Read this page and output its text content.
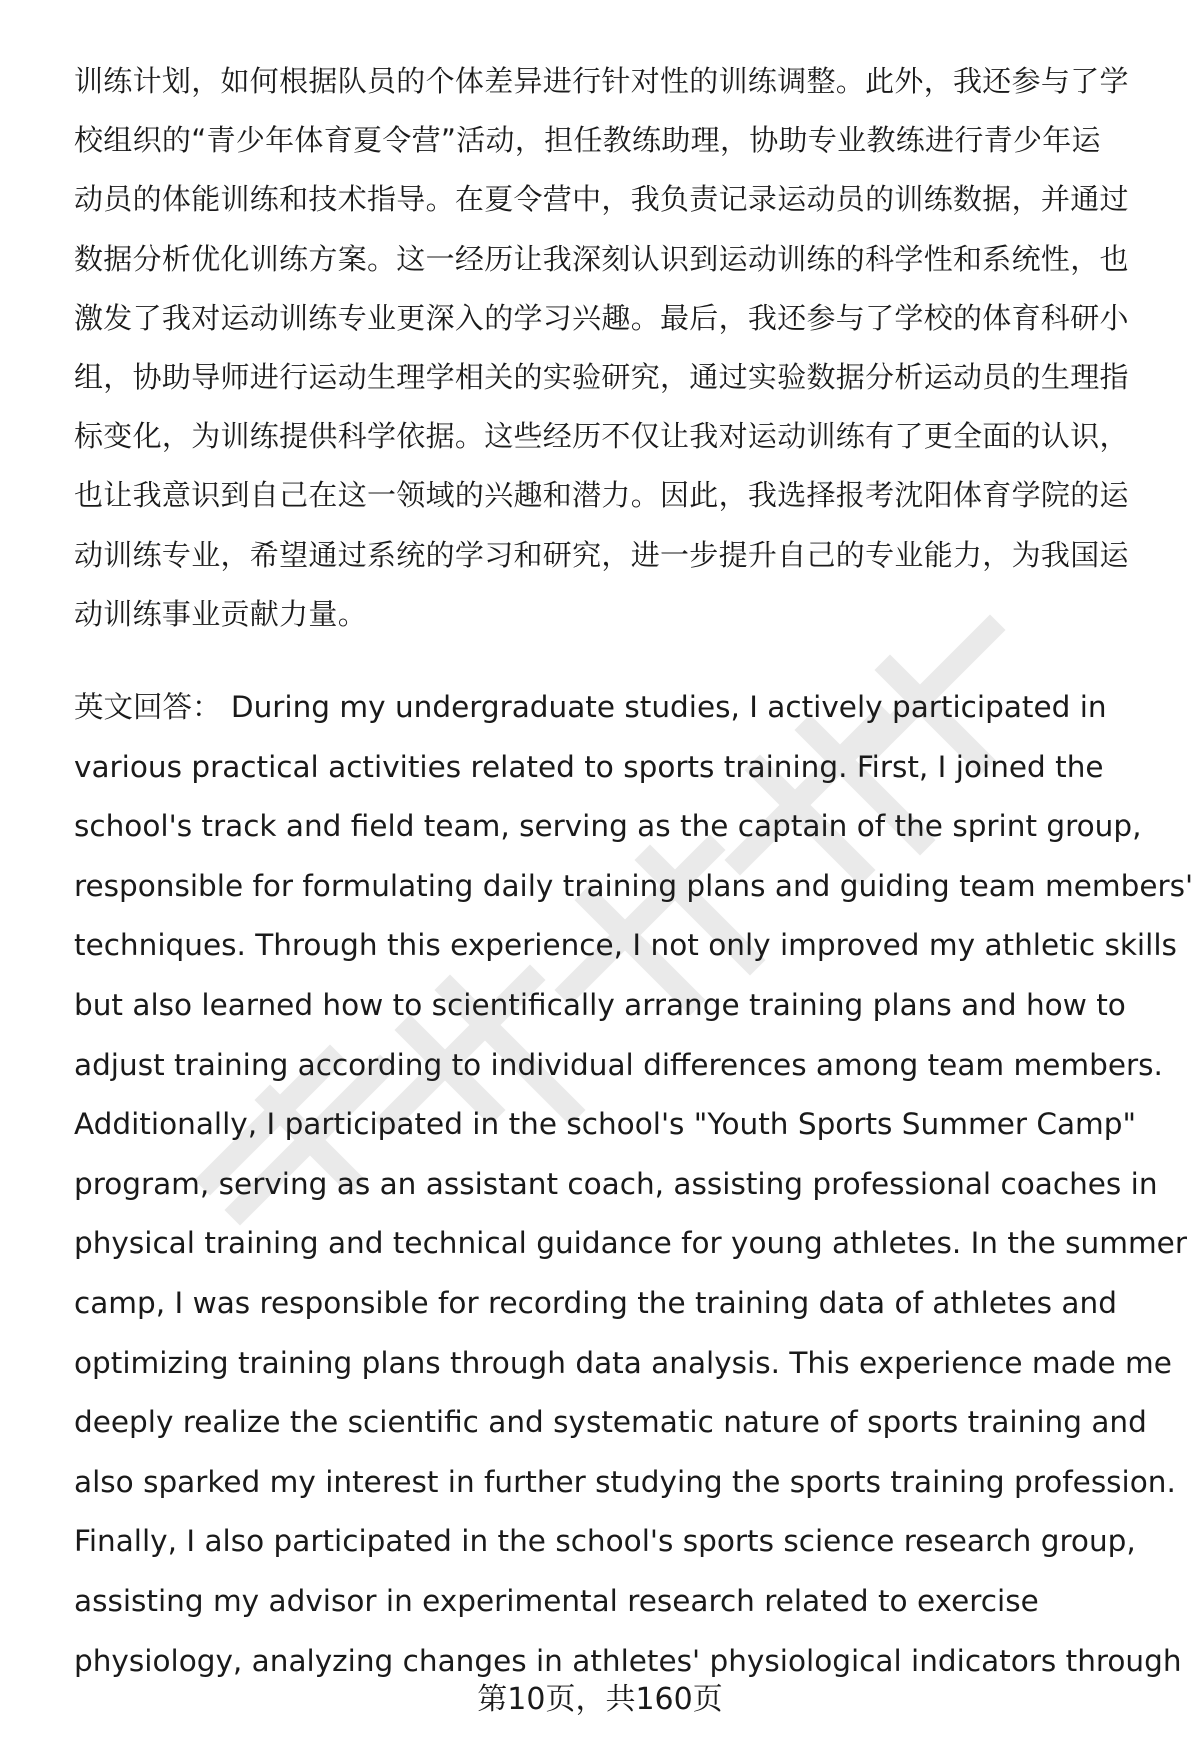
训练计划，如何根据队员的个体差异进行针对性的训练调整。此外，我还参与了学
校组织的“青少年体育夏令营”活动，担任教练助理，协助专业教练进行青少年运
动员的体能训练和技术指导。在夏令营中，我负责记录运动员的训练数据，并通过
数据分析优化训练方案。这一经历让我深刻认识到运动训练的科学性和系统性，也
激发了我对运动训练专业更深入的学习兴趣。最后，我还参与了学校的体育科研小
组，协助导师进行运动生理学相关的实验研究，通过实验数据分析运动员的生理指
标变化，为训练提供科学依据。这些经历不仅让我对运动训练有了更全面的认识，
也让我意识到自己在这一领域的兴趣和潜力。因此，我选择报考沈阳体育学院的运
动训练专业，希望通过系统的学习和研究，进一步提升自己的专业能力，为我国运
动训练事业贡献力量。
英文回答： During my undergraduate studies, I actively participated in
various practical activities related to sports training. First, I joined the
school's track and field team, serving as the captain of the sprint group,
responsible for formulating daily training plans and guiding team members'
techniques. Through this experience, I not only improved my athletic skills
but also learned how to scientifically arrange training plans and how to
adjust training according to individual differences among team members.
Additionally, I participated in the school's "Youth Sports Summer Camp"
program, serving as an assistant coach, assisting professional coaches in
physical training and technical guidance for young athletes. In the summer
camp, I was responsible for recording the training data of athletes and
optimizing training plans through data analysis. This experience made me
deeply realize the scientific and systematic nature of sports training and
also sparked my interest in further studying the sports training profession.
Finally, I also participated in the school's sports science research group,
assisting my advisor in experimental research related to exercise
physiology, analyzing changes in athletes' physiological indicators through
第10页，共160页
